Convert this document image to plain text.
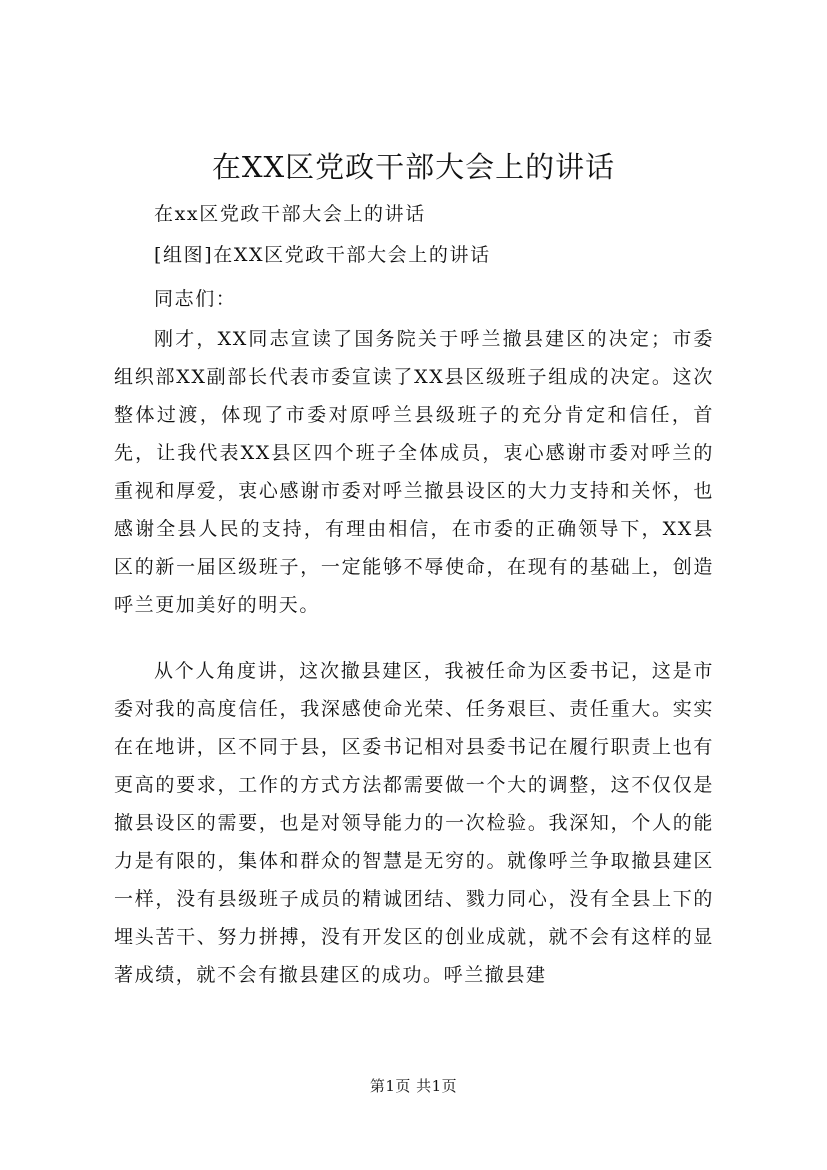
在XX区党政干部大会上的讲话

在xx区党政干部大会上的讲话

[组图]在XX区党政干部大会上的讲话

同志们：

刚才，XX同志宣读了国务院关于呼兰撤县建区的决定；市委组织部XX副部长代表市委宣读了XX县区级班子组成的决定。这次整体过渡，体现了市委对原呼兰县级班子的充分肯定和信任，首先，让我代表XX县区四个班子全体成员，衷心感谢市委对呼兰的重视和厚爱，衷心感谢市委对呼兰撤县设区的大力支持和关怀，也感谢全县人民的支持，有理由相信，在市委的正确领导下，XX县区的新一届区级班子，一定能够不辱使命，在现有的基础上，创造呼兰更加美好的明天。

从个人角度讲，这次撤县建区，我被任命为区委书记，这是市委对我的高度信任，我深感使命光荣、任务艰巨、责任重大。实实在在地讲，区不同于县，区委书记相对县委书记在履行职责上也有更高的要求，工作的方式方法都需要做一个大的调整，这不仅仅是撤县设区的需要，也是对领导能力的一次检验。我深知，个人的能力是有限的，集体和群众的智慧是无穷的。就像呼兰争取撤县建区一样，没有县级班子成员的精诚团结、戮力同心，没有全县上下的埋头苦干、努力拼搏，没有开发区的创业成就，就不会有这样的显著成绩，就不会有撤县建区的成功。呼兰撤县建

第1页 共1页
